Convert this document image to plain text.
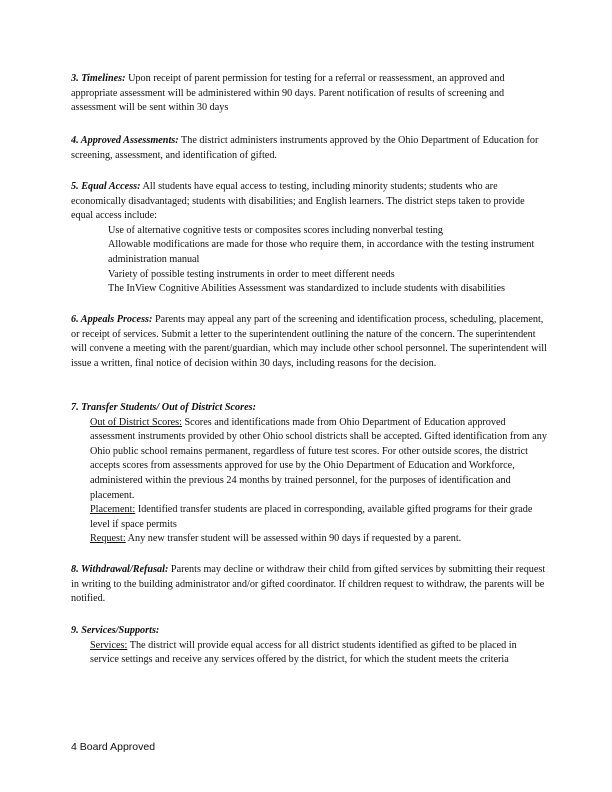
3. Timelines: Upon receipt of parent permission for testing for a referral or reassessment, an approved and appropriate assessment will be administered within 90 days. Parent notification of results of screening and assessment will be sent within 30 days

4. Approved Assessments: The district administers instruments approved by the Ohio Department of Education for screening, assessment, and identification of gifted.

5. Equal Access: All students have equal access to testing, including minority students; students who are economically disadvantaged; students with disabilities; and English learners. The district steps taken to provide equal access include:

Use of alternative cognitive tests or composites scores including nonverbal testing
Allowable modifications are made for those who require them, in accordance with the testing instrument administration manual
Variety of possible testing instruments in order to meet different needs
The InView Cognitive Abilities Assessment was standardized to include students with disabilities

6. Appeals Process: Parents may appeal any part of the screening and identification process, scheduling, placement, or receipt of services. Submit a letter to the superintendent outlining the nature of the concern. The superintendent will convene a meeting with the parent/guardian, which may include other school personnel. The superintendent will issue a written, final notice of decision within 30 days, including reasons for the decision.

7. Transfer Students/ Out of District Scores:

Out of District Scores: Scores and identifications made from Ohio Department of Education approved assessment instruments provided by other Ohio school districts shall be accepted. Gifted identification from any Ohio public school remains permanent, regardless of future test scores. For other outside scores, the district accepts scores from assessments approved for use by the Ohio Department of Education and Workforce, administered within the previous 24 months by trained personnel, for the purposes of identification and placement.
Placement: Identified transfer students are placed in corresponding, available gifted programs for their grade level if space permits
Request: Any new transfer student will be assessed within 90 days if requested by a parent.

8. Withdrawal/Refusal: Parents may decline or withdraw their child from gifted services by submitting their request in writing to the building administrator and/or gifted coordinator. If children request to withdraw, the parents will be notified.

9. Services/Supports:

Services: The district will provide equal access for all district students identified as gifted to be placed in service settings and receive any services offered by the district, for which the student meets the criteria
4 Board Approved
